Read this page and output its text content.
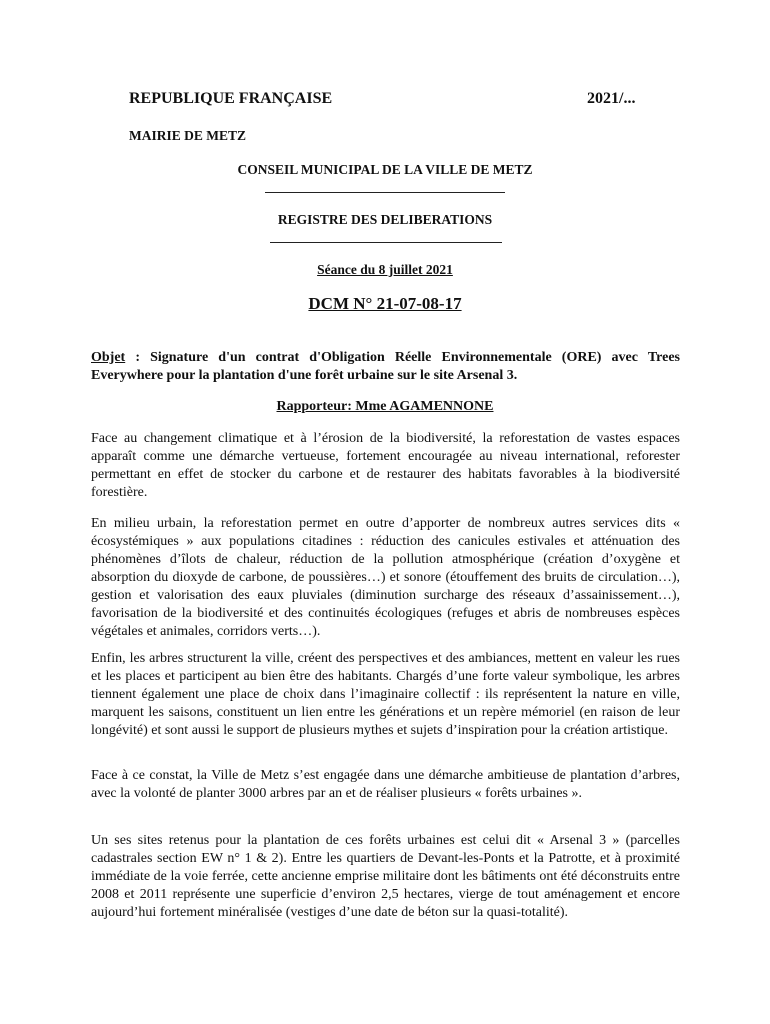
REPUBLIQUE FRANÇAISE	2021/...
MAIRIE DE METZ
CONSEIL MUNICIPAL DE LA VILLE DE METZ
REGISTRE DES DELIBERATIONS
Séance du 8 juillet 2021
DCM N° 21-07-08-17
Objet : Signature d'un contrat d'Obligation Réelle Environnementale (ORE) avec Trees Everywhere pour la plantation d'une forêt urbaine sur le site Arsenal 3.
Rapporteur: Mme AGAMENNONE
Face au changement climatique et à l’érosion de la biodiversité, la reforestation de vastes espaces apparaît comme une démarche vertueuse, fortement encouragée au niveau international, reforester permettant en effet de stocker du carbone et de restaurer des habitats favorables à la biodiversité forestière.
En milieu urbain, la reforestation permet en outre d’apporter de nombreux autres services dits « écosystémiques » aux populations citadines : réduction des canicules estivales et atténuation des phénomènes d’îlots de chaleur, réduction de la pollution atmosphérique (création d’oxygène et absorption du dioxyde de carbone, de poussières…) et sonore (étouffement des bruits de circulation…), gestion et valorisation des eaux pluviales (diminution surcharge des réseaux d’assainissement…), favorisation de la biodiversité et des continuités écologiques (refuges et abris de nombreuses espèces végétales et animales, corridors verts…).
Enfin, les arbres structurent la ville, créent des perspectives et des ambiances, mettent en valeur les rues et les places et participent au bien être des habitants. Chargés d’une forte valeur symbolique, les arbres tiennent également une place de choix dans l’imaginaire collectif : ils représentent la nature en ville, marquent les saisons, constituent un lien entre les générations et un repère mémoriel (en raison de leur longévité) et sont aussi le support de plusieurs mythes et sujets d’inspiration pour la création artistique.
Face à ce constat, la Ville de Metz s’est engagée dans une démarche ambitieuse de plantation d’arbres, avec la volonté de planter 3000 arbres par an et de réaliser plusieurs « forêts urbaines ».
Un ses sites retenus pour la plantation de ces forêts urbaines est celui dit « Arsenal 3 » (parcelles cadastrales section EW n° 1 & 2). Entre les quartiers de Devant-les-Ponts et la Patrotte, et à proximité immédiate de la voie ferrée, cette ancienne emprise militaire dont les bâtiments ont été déconstruits entre 2008 et 2011 représente une superficie d’environ 2,5 hectares, vierge de tout aménagement et encore aujourd’hui fortement minéralisée (vestiges d’une date de béton sur la quasi-totalité).
